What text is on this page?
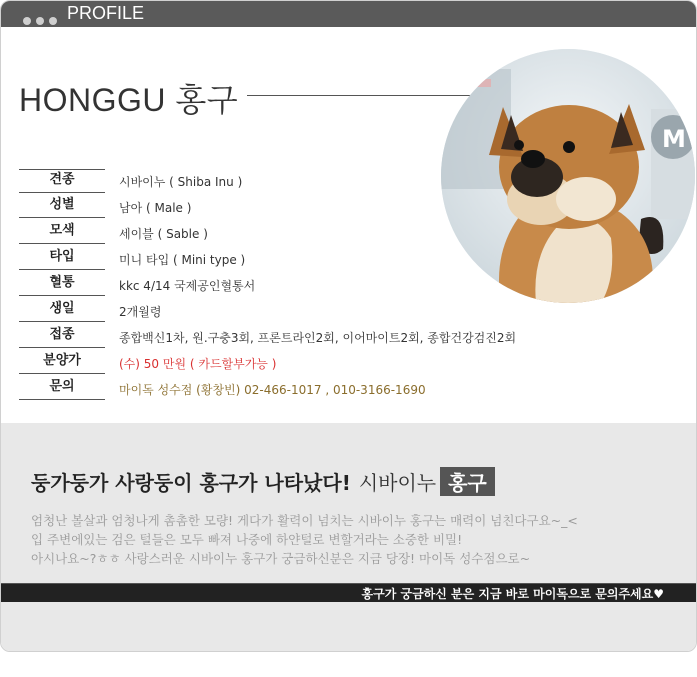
PROFILE
HONGGU 홍구
M
견종	시바이누 ( Shiba Inu )
성별	남아 ( Male )
모색	세이블 ( Sable )
타입	미니 타입 ( Mini type )
혈통	kkc 4/14 국제공인혈통서
생일	2개월령
접종	종합백신1차, 원.구충3회, 프론트라인2회, 이어마이트2회, 종합건강검진2회
분양가	(수) 50 만원 ( 카드할부가능 )
문의	마이독 성수점 (황창빈) 02-466-1017 , 010-3166-1690
둥가둥가 사랑둥이 홍구가 나타났다! 시바이누 홍구
엄청난 볼살과 엄청나게 촘촘한 모량! 게다가 활력이 넘치는 시바이누 홍구는 매력이 넘친다구요~_<
입 주변에있는 검은 털들은 모두 빠져 나중에 하얀털로 변할거라는 소중한 비밀!
아시나요~?ㅎㅎ 사랑스러운 시바이누 홍구가 궁금하신분은 지금 당장! 마이독 성수점으로~
홍구가 궁금하신 분은 지금 바로 마이독으로 문의주세요♥
